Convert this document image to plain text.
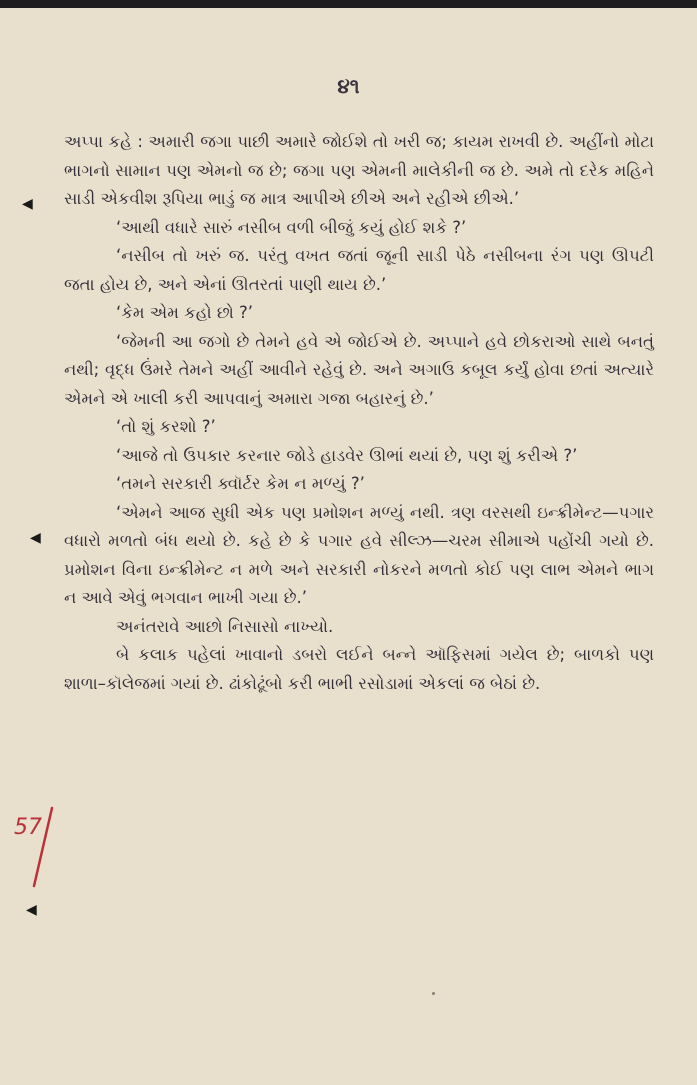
૪૧

અપ્પા કહે : અમારી જગા પાછી અમારે જોઈશે તો ખરી જ; કાયમ રાખવી છે. અહીંનો મોટા ભાગનો સામાન પણ એમનો જ છે; જગા પણ એમની માલેકીની જ છે. અમે તો દરેક મહિને સાડી એકવીશ રૂપિયા ભાડું જ માત્ર આપીએ છીએ અને રહીએ છીએ.’

‘આથી વધારે સારું નસીબ વળી બીજું કયું હોઈ શકે ?’

‘નસીબ તો ખરું જ. પરંતુ વખત જતાં જૂની સાડી પેઠે નસીબના રંગ પણ ઊપટી જતા હોય છે, અને એનાં ઊતરતાં પાણી થાય છે.’

‘કેમ એમ કહો છો ?’

‘જેમની આ જગો છે તેમને હવે એ જોઈએ છે. અપ્પાને હવે છોકરાઓ સાથે બનતું નથી; વૃદ્ધ ઉંમરે તેમને અહીં આવીને રહેવું છે. અને અગાઉ કબૂલ કર્યું હોવા છતાં અત્યારે એમને એ ખાલી કરી આપવાનું અમારા ગજા બહારનું છે.’

‘તો શું કરશો ?’

‘આજે તો ઉપકાર કરનાર જોડે હાડવેર ઊભાં થયાં છે, પણ શું કરીએ ?’

‘તમને સરકારી ક્વૉર્ટર કેમ ન મળ્યું ?’

‘એમને આજ સુધી એક પણ પ્રમોશન મળ્યું નથી. ત્રણ વરસથી ઇન્ક્રીમેન્ટ—પગાર વધારો મળતો બંધ થયો છે. કહે છે કે પગાર હવે સીલ્ઝ—ચરમ સીમાએ પહોંચી ગયો છે. પ્રમોશન વિના ઇન્ક્રીમેન્ટ ન મળે અને સરકારી નોકરને મળતો કોઈ પણ લાભ એમને ભાગ ન આવે એવું ભગવાન ભાખી ગયા છે.’

અનંતરાવે આછો નિસાસો નાખ્યો.

બે કલાક પહેલાં ખાવાનો ડબરો લઈને બન્ને ઑફિસમાં ગયેલ છે; બાળકો પણ શાળા–કૉલેજમાં ગયાં છે. ઢાંકોઢૂંબો કરી ભાભી રસોડામાં એકલાં જ બેઠાં છે.

◀
◀
◀
57
